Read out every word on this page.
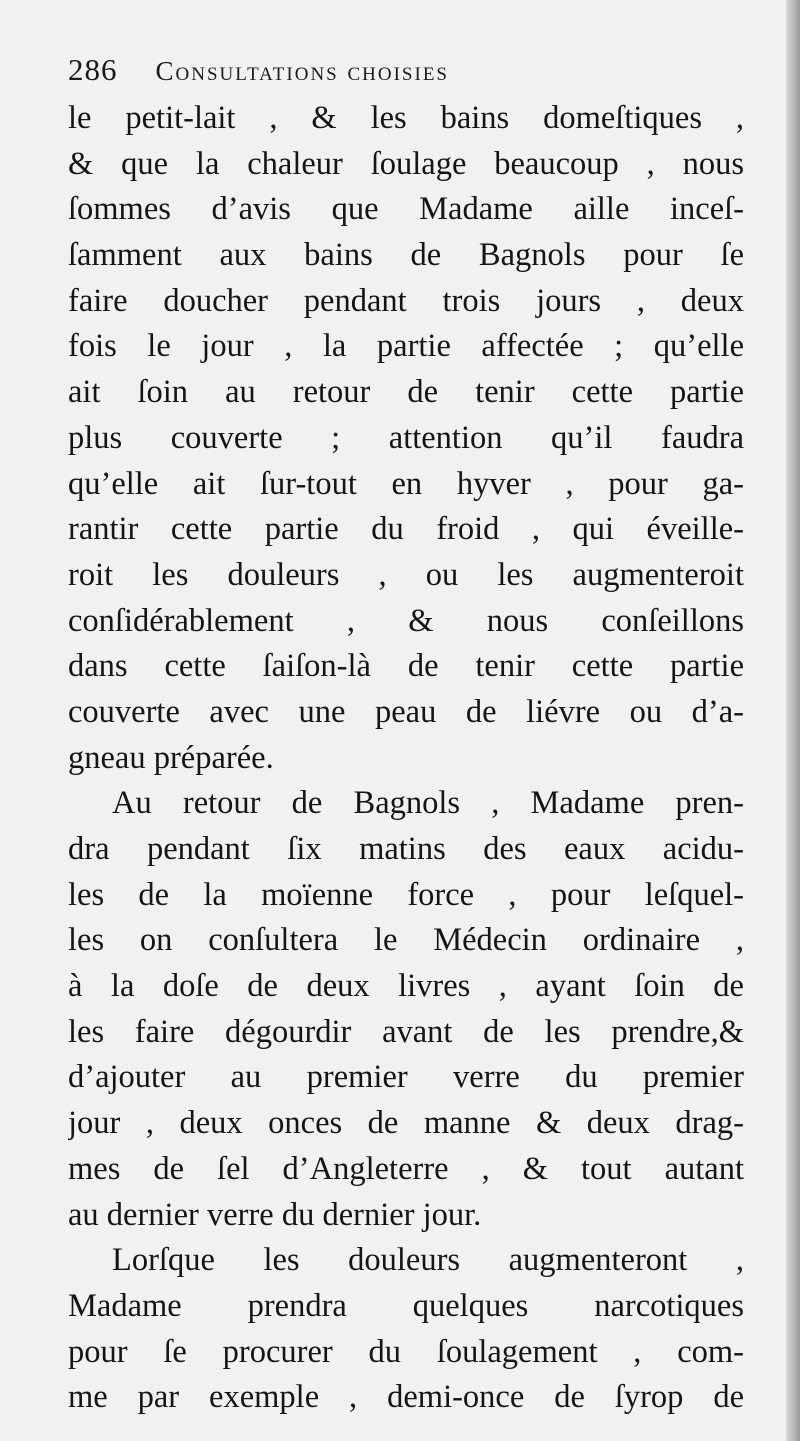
286 Consultations choisies
le petit-lait , & les bains domeſtiques ,
& que la chaleur ſoulage beaucoup , nous
ſommes d’avis que Madame aille inceſ-
ſamment aux bains de Bagnols pour ſe
faire doucher pendant trois jours , deux
fois le jour , la partie affectée ; qu’elle
ait ſoin au retour de tenir cette partie
plus couverte ; attention qu’il faudra
qu’elle ait ſur-tout en hyver , pour ga-
rantir cette partie du froid , qui éveille-
roit les douleurs , ou les augmenteroit
conſidérablement , & nous conſeillons
dans cette ſaiſon-là de tenir cette partie
couverte avec une peau de liévre ou d’a-
gneau préparée.
Au retour de Bagnols , Madame pren-
dra pendant ſix matins des eaux acidu-
les de la moïenne force , pour leſquel-
les on conſultera le Médecin ordinaire ,
à la doſe de deux livres , ayant ſoin de
les faire dégourdir avant de les prendre,&
d’ajouter au premier verre du premier
jour , deux onces de manne & deux drag-
mes de ſel d’Angleterre , & tout autant
au dernier verre du dernier jour.
Lorſque les douleurs augmenteront ,
Madame prendra quelques narcotiques
pour ſe procurer du ſoulagement , com-
me par exemple , demi-once de ſyrop de
